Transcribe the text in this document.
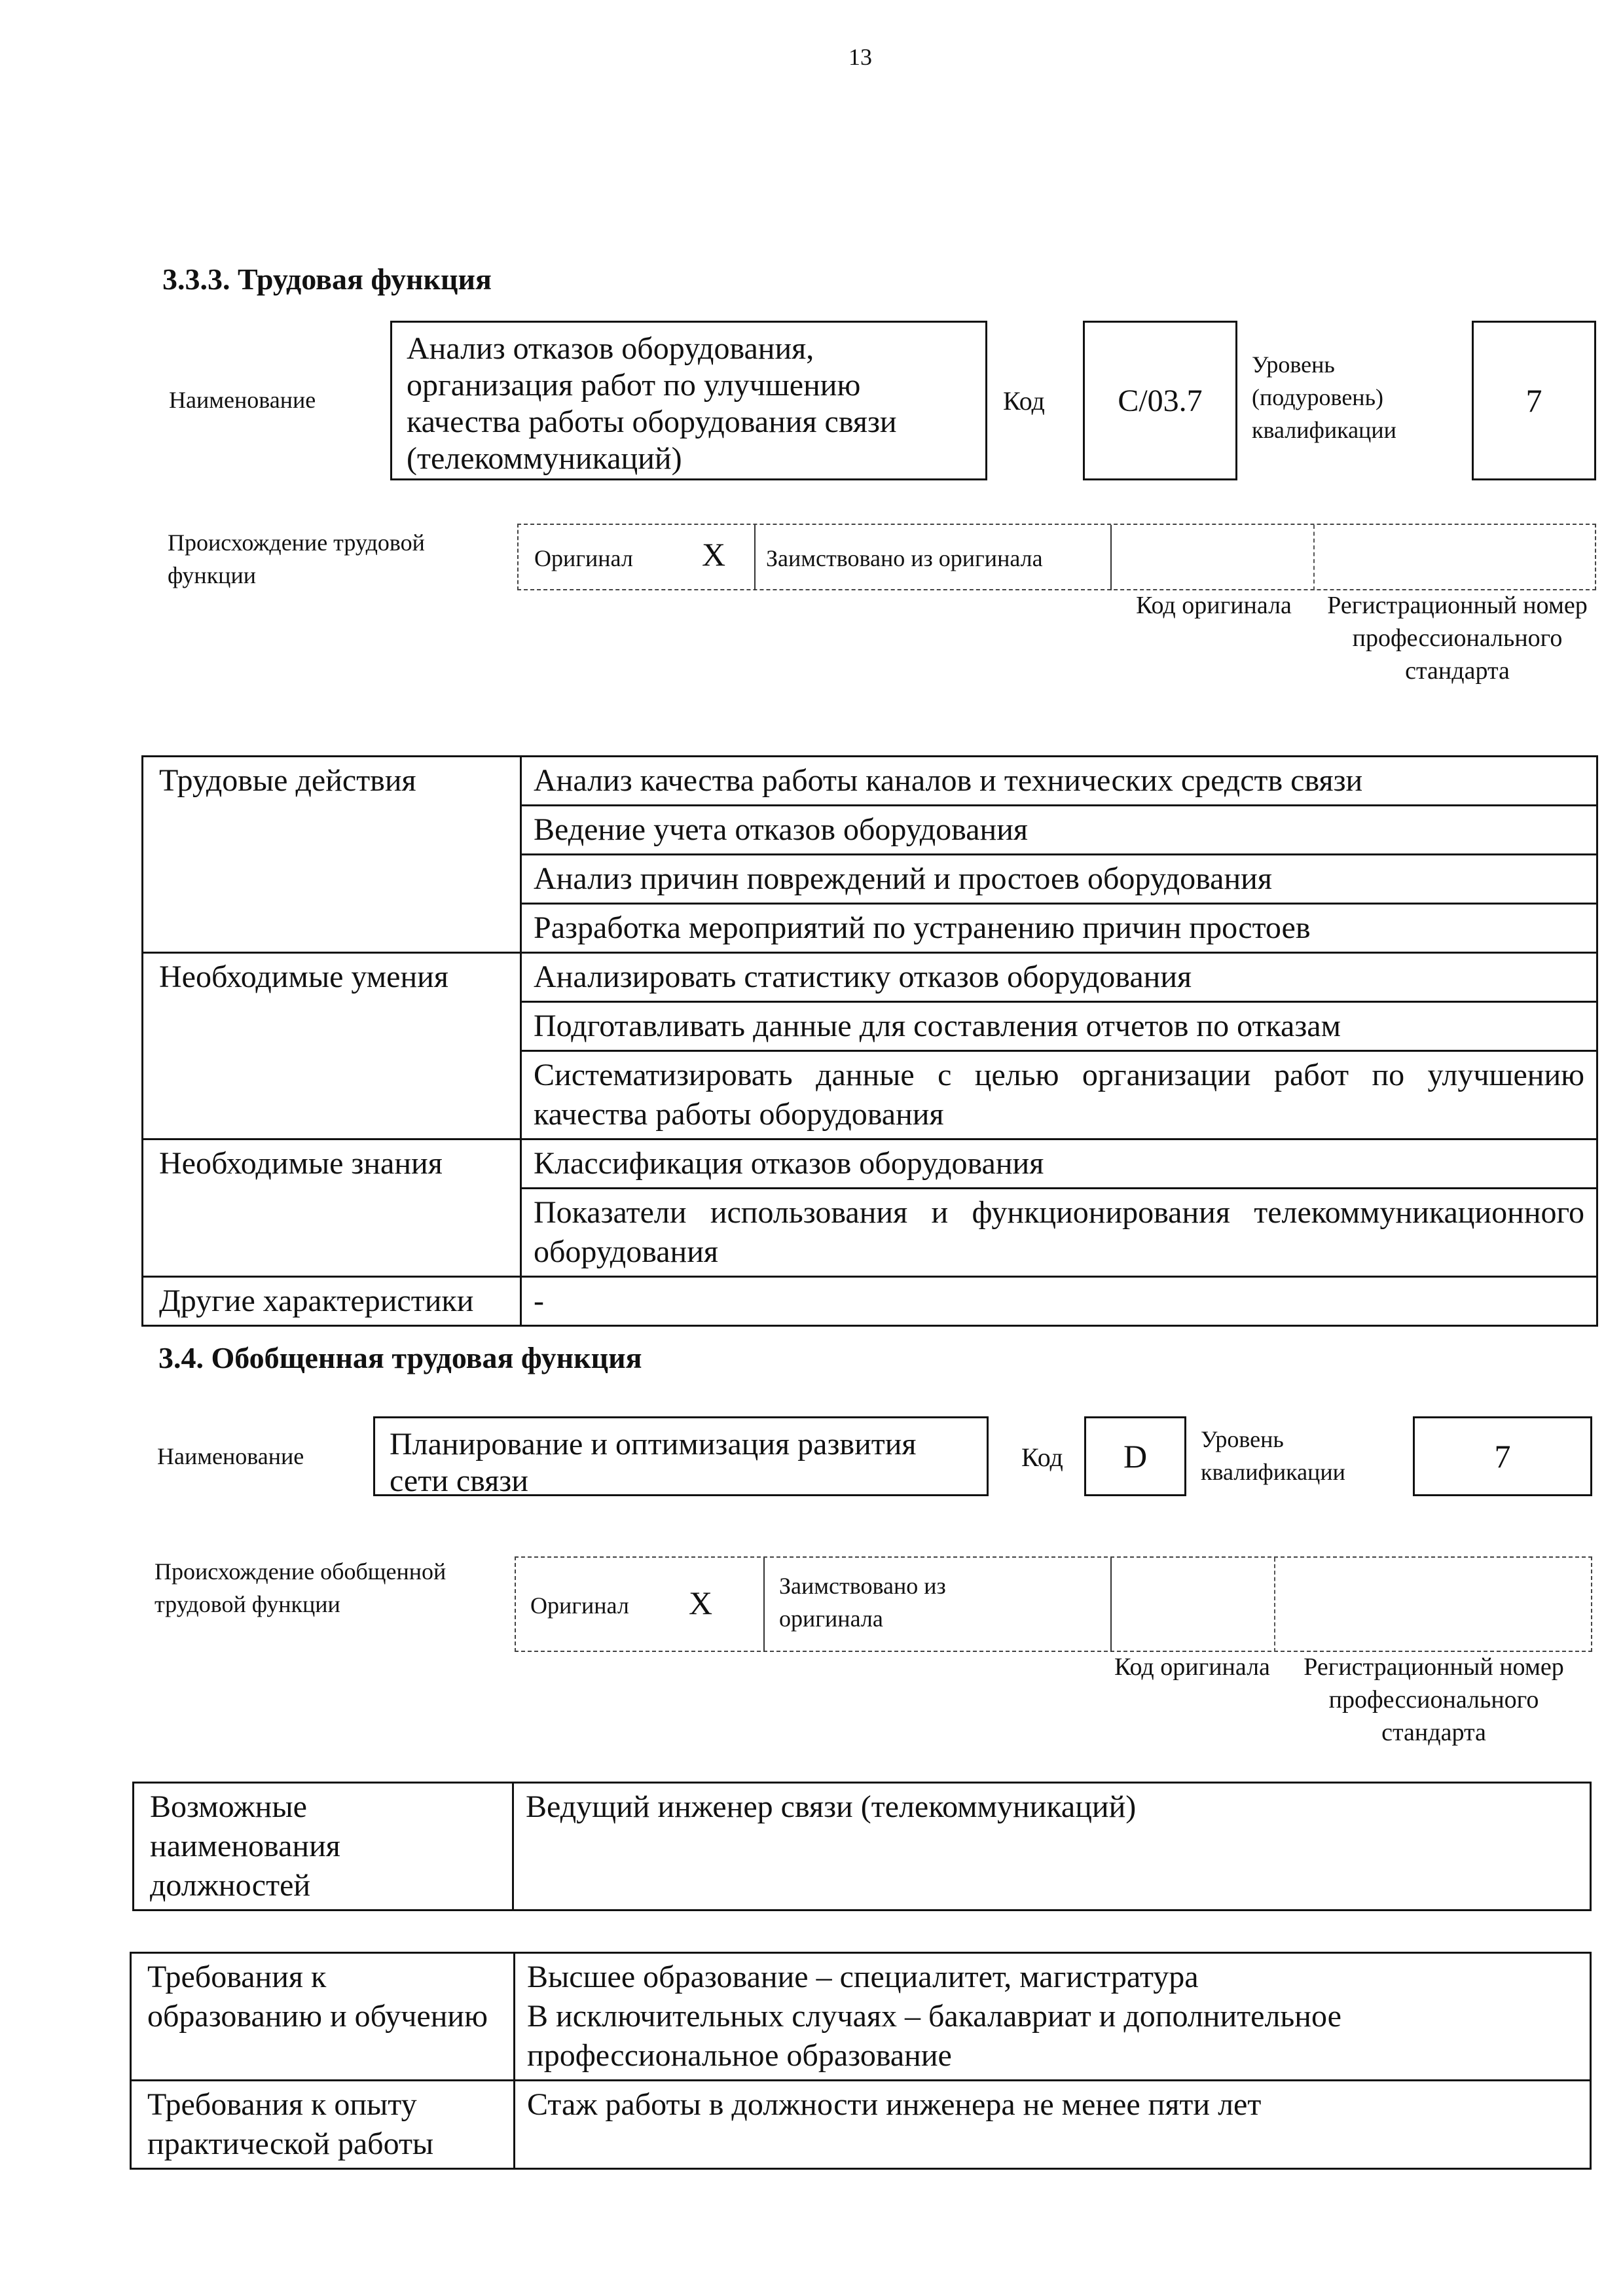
13
3.3.3. Трудовая функция
Наименование
Анализ отказов оборудования, организация работ по улучшению качества работы оборудования связи (телекоммуникаций)
Код С/03.7
Уровень (подуровень) квалификации
7
Происхождение трудовой функции
Оригинал X Заимствовано из оригинала
Код оригинала	Регистрационный номер профессионального стандарта
Трудовые действия	Анализ качества работы каналов и технических средств связи
	Ведение учета отказов оборудования
	Анализ причин повреждений и простоев оборудования
	Разработка мероприятий по устранению причин простоев
Необходимые умения	Анализировать статистику отказов оборудования
	Подготавливать данные для составления отчетов по отказам
	Систематизировать данные с целью организации работ по улучшению качества работы оборудования
Необходимые знания	Классификация отказов оборудования
	Показатели использования и функционирования телекоммуникационного оборудования
Другие характеристики	-
3.4. Обобщенная трудовая функция
Наименование	Планирование и оптимизация развития сети связи
Код D Уровень квалификации	7
Происхождение обобщенной трудовой функции	Оригинал X	Заимствовано из оригинала
Код оригинала	Регистрационный номер профессионального стандарта
Возможные наименования должностей	Ведущий инженер связи (телекоммуникаций)
Требования к образованию и обучению	Высшее образование – специалитет, магистратура
В исключительных случаях – бакалавриат и дополнительное профессиональное образование

Требования к опыту практической работы	Стаж работы в должности инженера не менее пяти лет
